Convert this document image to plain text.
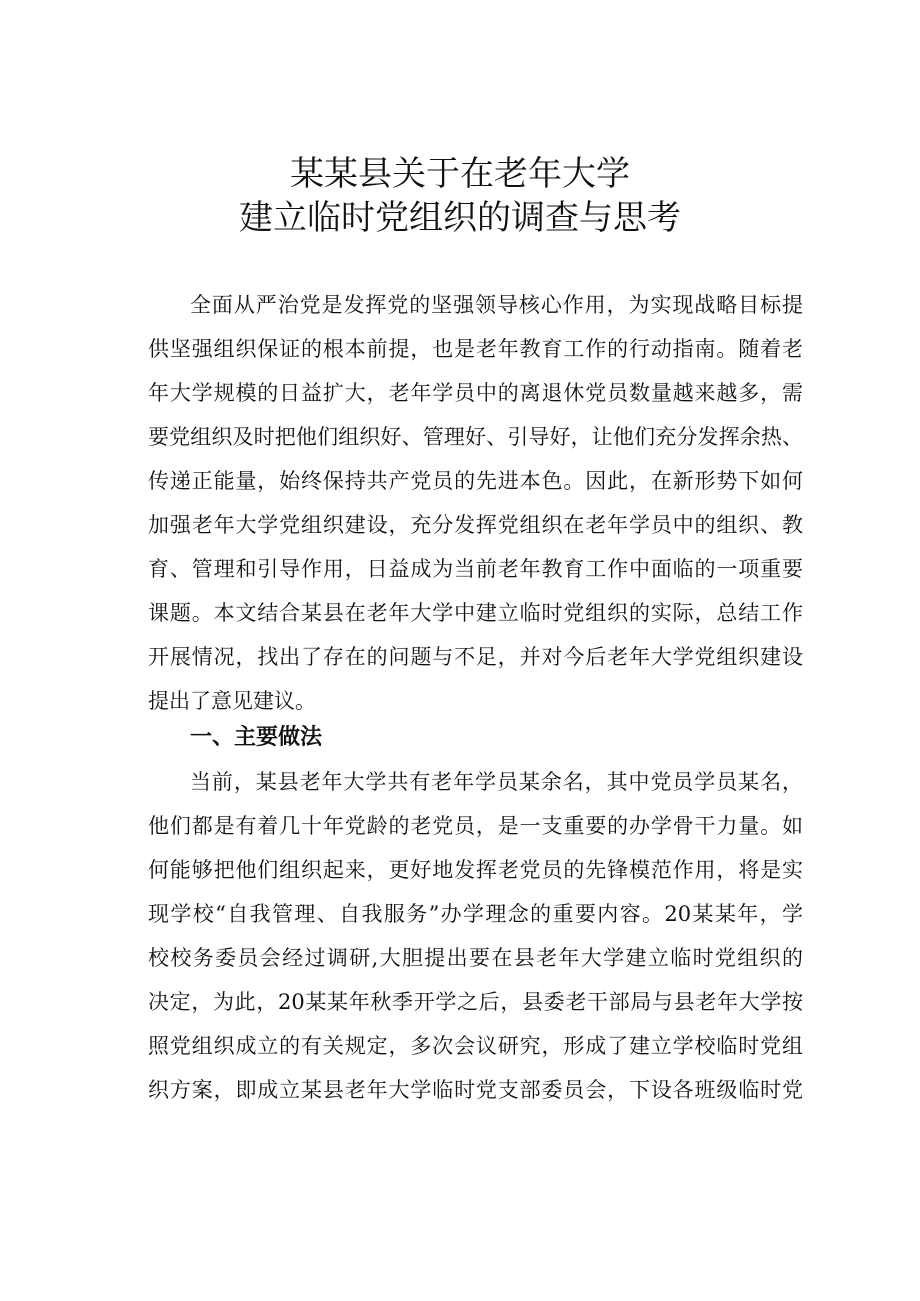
某某县关于在老年大学
建立临时党组织的调查与思考
全面从严治党是发挥党的坚强领导核心作用，为实现战略目标提
供坚强组织保证的根本前提，也是老年教育工作的行动指南。随着老
年大学规模的日益扩大，老年学员中的离退休党员数量越来越多，需
要党组织及时把他们组织好、管理好、引导好，让他们充分发挥余热、
传递正能量，始终保持共产党员的先进本色。因此，在新形势下如何
加强老年大学党组织建设，充分发挥党组织在老年学员中的组织、教
育、管理和引导作用，日益成为当前老年教育工作中面临的一项重要
课题。本文结合某县在老年大学中建立临时党组织的实际，总结工作
开展情况，找出了存在的问题与不足，并对今后老年大学党组织建设
提出了意见建议。
一、主要做法
当前，某县老年大学共有老年学员某余名，其中党员学员某名，
他们都是有着几十年党龄的老党员，是一支重要的办学骨干力量。如
何能够把他们组织起来，更好地发挥老党员的先锋模范作用，将是实
现学校“自我管理、自我服务”办学理念的重要内容。20某某年，学
校校务委员会经过调研,大胆提出要在县老年大学建立临时党组织的
决定，为此，20某某年秋季开学之后，县委老干部局与县老年大学按
照党组织成立的有关规定，多次会议研究，形成了建立学校临时党组
织方案，即成立某县老年大学临时党支部委员会，下设各班级临时党
